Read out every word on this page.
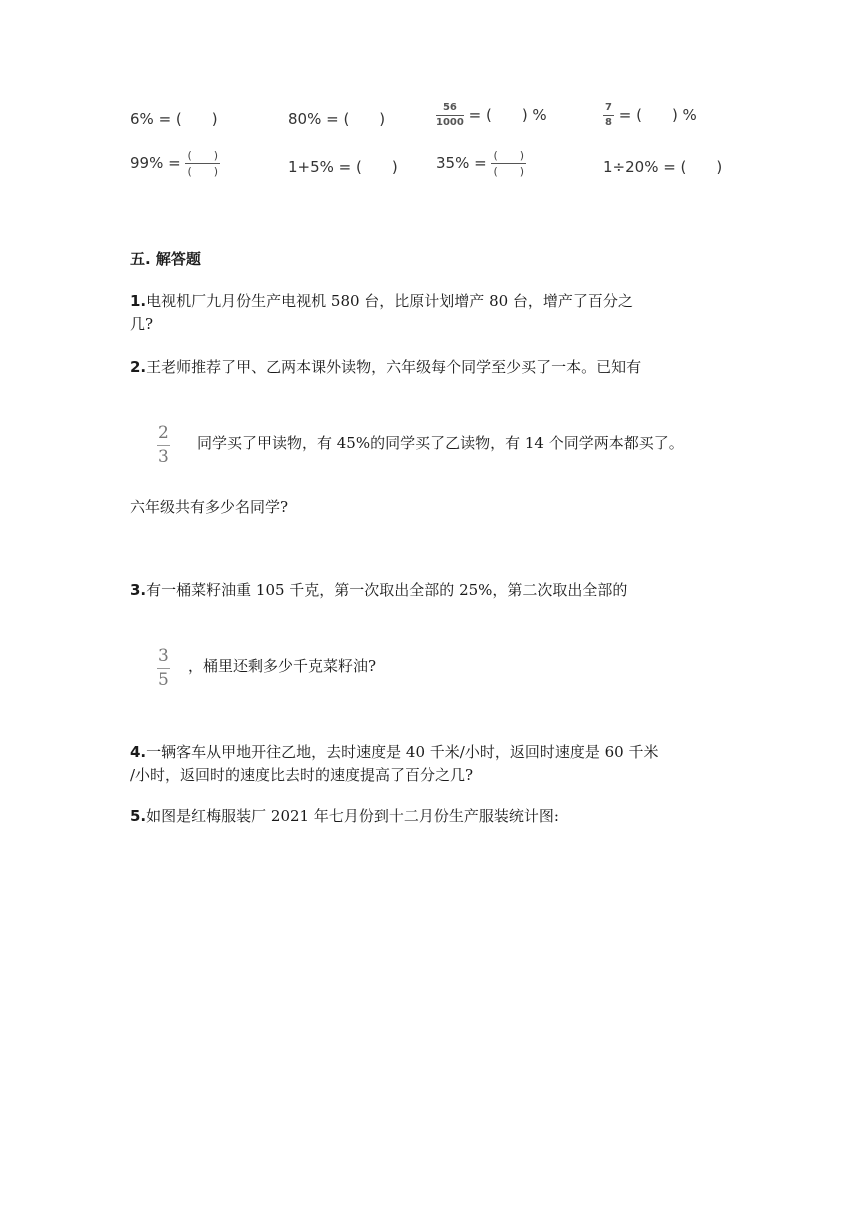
6% = (　　)	80% = (　　)	$\frac{56}{1000}$ = (　　) %	$\frac{7}{8}$ = (　　) %
$99\% = \frac{( )}{( )}$	1+5% = (　　)	$35\% = \frac{( )}{( )}$	1÷20% = (　　)
五. 解答题
1.电视机厂九月份生产电视机 580 台，比原计划增产 80 台，增产了百分之
几?
2.王老师推荐了甲、乙两本课外读物，六年级每个同学至少买了一本。已知有
$\frac{2}{3}$ 同学买了甲读物，有 45%的同学买了乙读物，有 14 个同学两本都买了。
六年级共有多少名同学?
3.有一桶菜籽油重 105 千克，第一次取出全部的 25%，第二次取出全部的
$\frac{3}{5}$ ，桶里还剩多少千克菜籽油?
4.一辆客车从甲地开往乙地，去时速度是 40 千米/小时，返回时速度是 60 千米
/小时，返回时的速度比去时的速度提高了百分之几?
5.如图是红梅服装厂 2021 年七月份到十二月份生产服装统计图:
